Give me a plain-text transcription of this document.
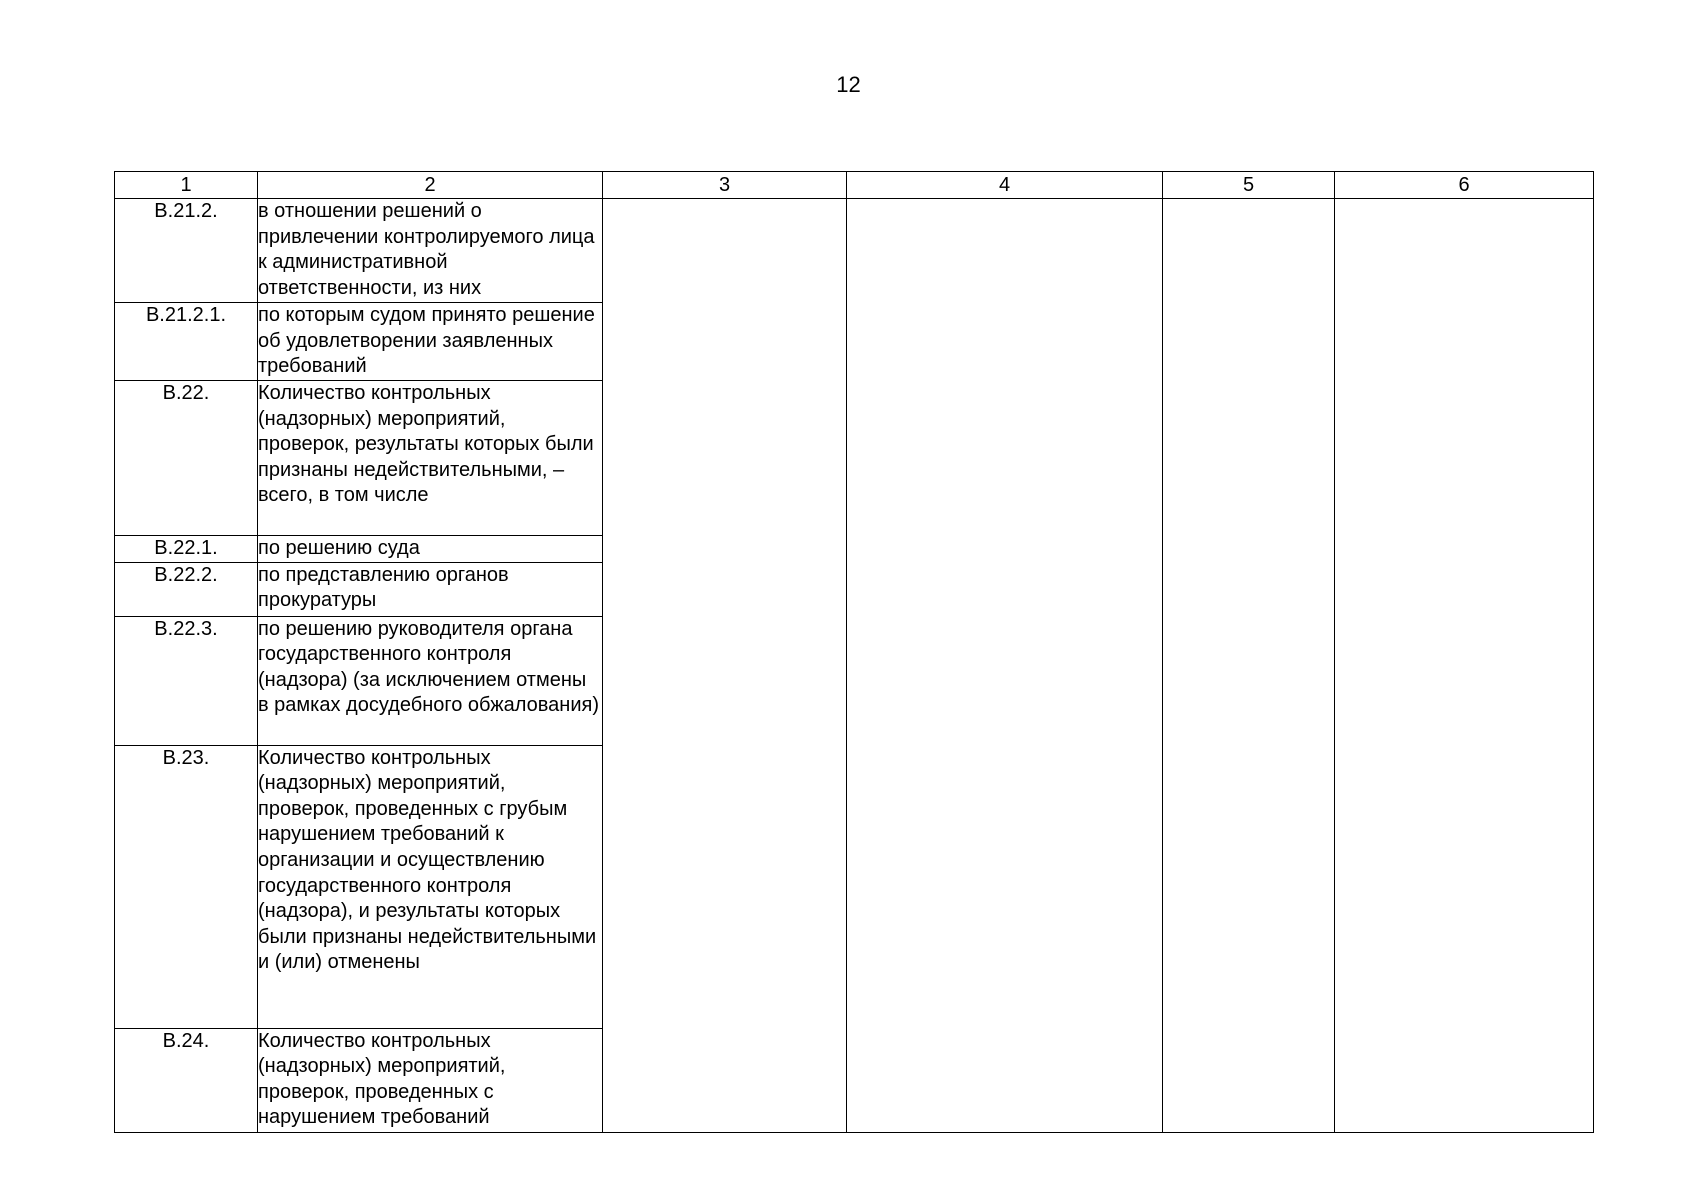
12
1	2	3	4	5	6
В.21.2.	в отношении решений о привлечении контролируемого лица к административной ответственности, из них				
В.21.2.1.	по которым судом принято решение об удовлетворении заявленных требований				
В.22.	Количество контрольных (надзорных) мероприятий, проверок, результаты которых были признаны недействительными, – всего, в том числе				
В.22.1.	по решению суда				
В.22.2.	по представлению органов прокуратуры				
В.22.3.	по решению руководителя органа государственного контроля (надзора) (за исключением отмены в рамках досудебного обжалования)				
В.23.	Количество контрольных (надзорных) мероприятий, проверок, проведенных с грубым нарушением требований к организации и осуществлению государственного контроля (надзора), и результаты которых были признаны недействительными и (или) отменены				
В.24.	Количество контрольных (надзорных) мероприятий, проверок, проведенных с нарушением требований				
